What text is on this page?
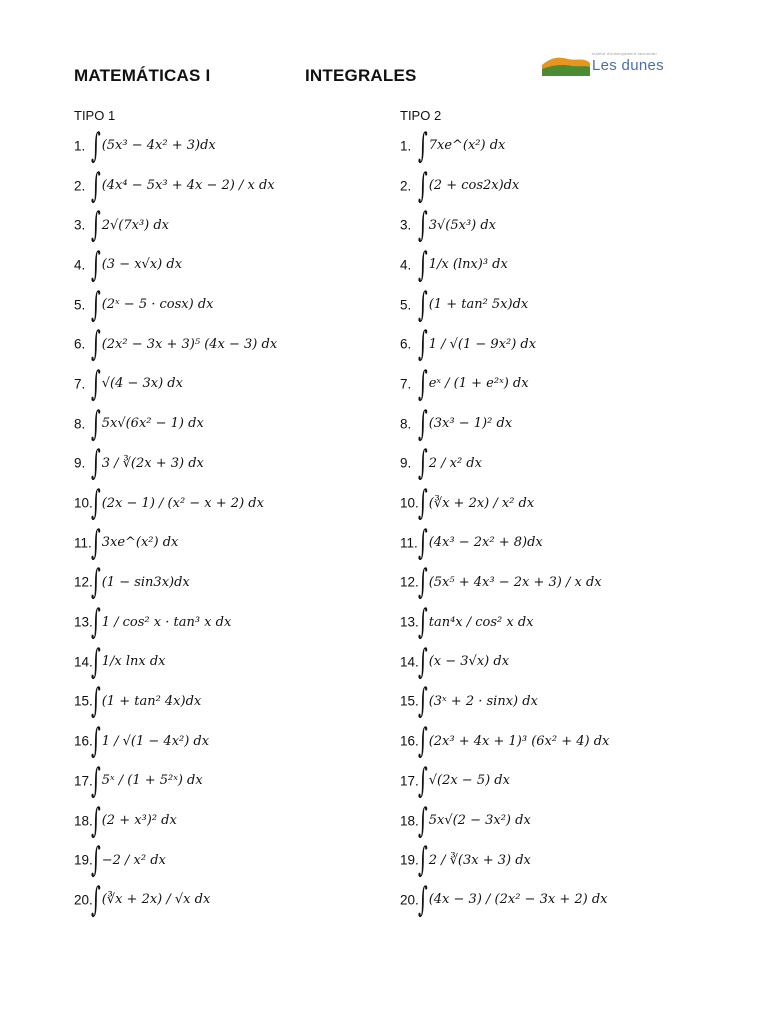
MATEMÁTICAS I	INTEGRALES
Institut d'ensenyament secundari
Les dunes
TIPO 1
1. ∫ (5x³ − 4x² + 3)dx
2. ∫ (4x⁴ − 5x³ + 4x − 2) / x dx
3. ∫ 2√(7x³) dx
4. ∫ (3 − x√x) dx
5. ∫ (2ˣ − 5 · cosx) dx
6. ∫ (2x² − 3x + 3)⁵ (4x − 3) dx
7. ∫ √(4 − 3x) dx
8. ∫ 5x√(6x² − 1) dx
9. ∫ 3 / ∛(2x + 3) dx
10.
∫ (2x − 1) / (x² − x + 2) dx
11. ∫ 3xe^(x²) dx
12.
∫ (1 − sin3x)dx
13.
∫ 1 / cos² x · tan³ x dx
14.
∫ 1/x lnx dx
15.
∫ (1 + tan² 4x)dx
16.
∫ 1 / √(1 − 4x²) dx
17.
∫ 5ˣ / (1 + 5²ˣ) dx
18.
∫ (2 + x³)² dx
19.
∫ −2 / x² dx
20.
∫ (∛x + 2x) / √x dx
TIPO 2
1. ∫ 7xe^(x²) dx
2. ∫ (2 + cos2x)dx
3. ∫ 3√(5x³) dx
4. ∫ 1/x (lnx)³ dx
5. ∫ (1 + tan² 5x)dx
6. ∫ 1 / √(1 − 9x²) dx
7. ∫ eˣ / (1 + e²ˣ) dx
8. ∫ (3x³ − 1)² dx
9. ∫ 2 / x² dx
10. ∫ (∛x + 2x) / x² dx
11. ∫ (4x³ − 2x² + 8)dx
12. ∫ (5x⁵ + 4x³ − 2x + 3) / x dx
13. ∫ tan⁴x / cos² x dx
14. ∫ (x − 3√x) dx
15. ∫ (3ˣ + 2 · sinx) dx
16. ∫ (2x³ + 4x + 1)³ (6x² + 4) dx
17. ∫ √(2x − 5) dx
18. ∫ 5x√(2 − 3x²) dx
19. ∫ 2 / ∛(3x + 3) dx
20. ∫ (4x − 3) / (2x² − 3x + 2) dx
